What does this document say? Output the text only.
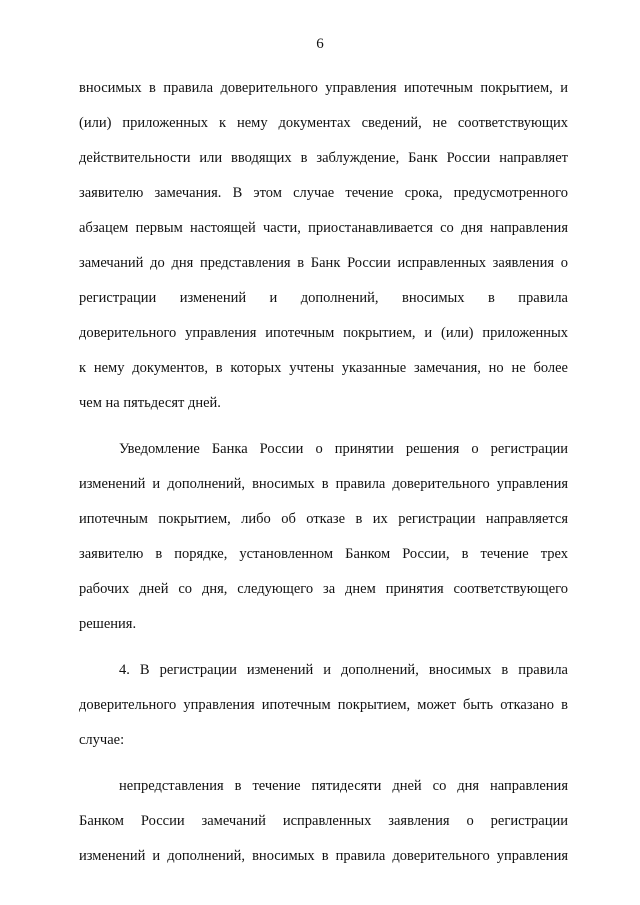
6
вносимых в правила доверительного управления ипотечным покрытием, и
(или) приложенных к нему документах сведений, не соответствующих
действительности или вводящих в заблуждение, Банк России направляет
заявителю замечания. В этом случае течение срока, предусмотренного
абзацем первым настоящей части, приостанавливается со дня направления
замечаний до дня представления в Банк России исправленных заявления о
регистрации изменений и дополнений, вносимых в правила
доверительного управления ипотечным покрытием, и (или) приложенных
к нему документов, в которых учтены указанные замечания, но не более
чем на пятьдесят дней.
Уведомление Банка России о принятии решения о регистрации
изменений и дополнений, вносимых в правила доверительного управления
ипотечным покрытием, либо об отказе в их регистрации направляется
заявителю в порядке, установленном Банком России, в течение трех
рабочих дней со дня, следующего за днем принятия соответствующего
решения.
4. В регистрации изменений и дополнений, вносимых в правила
доверительного управления ипотечным покрытием, может быть отказано в
случае:
непредставления в течение пятидесяти дней со дня направления
Банком России замечаний исправленных заявления о регистрации
изменений и дополнений, вносимых в правила доверительного управления
